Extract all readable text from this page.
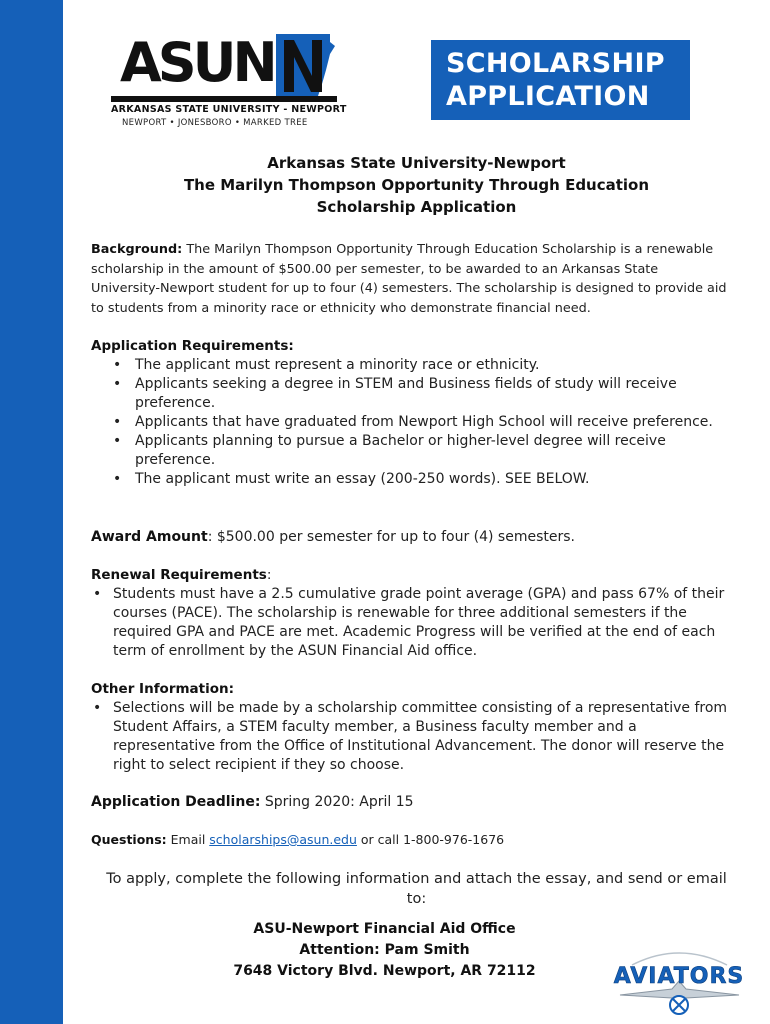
ASUN
ARKANSAS STATE UNIVERSITY - NEWPORT
NEWPORT • JONESBORO • MARKED TREE
SCHOLARSHIP
APPLICATION
Arkansas State University-Newport
The Marilyn Thompson Opportunity Through Education
Scholarship Application
Background: The Marilyn Thompson Opportunity Through Education Scholarship is a renewable scholarship in the amount of $500.00 per semester, to be awarded to an Arkansas State University-Newport student for up to four (4) semesters. The scholarship is designed to provide aid to students from a minority race or ethnicity who demonstrate financial need.
Application Requirements:
• The applicant must represent a minority race or ethnicity.
• Applicants seeking a degree in STEM and Business fields of study will receive preference.
• Applicants that have graduated from Newport High School will receive preference.
• Applicants planning to pursue a Bachelor or higher-level degree will receive preference.
• The applicant must write an essay (200-250 words). SEE BELOW.
Award Amount: $500.00 per semester for up to four (4) semesters.
Renewal Requirements:
• Students must have a 2.5 cumulative grade point average (GPA) and pass 67% of their courses (PACE). The scholarship is renewable for three additional semesters if the required GPA and PACE are met. Academic Progress will be verified at the end of each term of enrollment by the ASUN Financial Aid office.
Other Information:
• Selections will be made by a scholarship committee consisting of a representative from Student Affairs, a STEM faculty member, a Business faculty member and a representative from the Office of Institutional Advancement. The donor will reserve the right to select recipient if they so choose.
Application Deadline: Spring 2020: April 15
Questions: Email scholarships@asun.edu or call 1-800-976-1676
To apply, complete the following information and attach the essay, and send or email to:
ASU-Newport Financial Aid Office
Attention: Pam Smith
7648 Victory Blvd. Newport, AR 72112	AVIATORS
